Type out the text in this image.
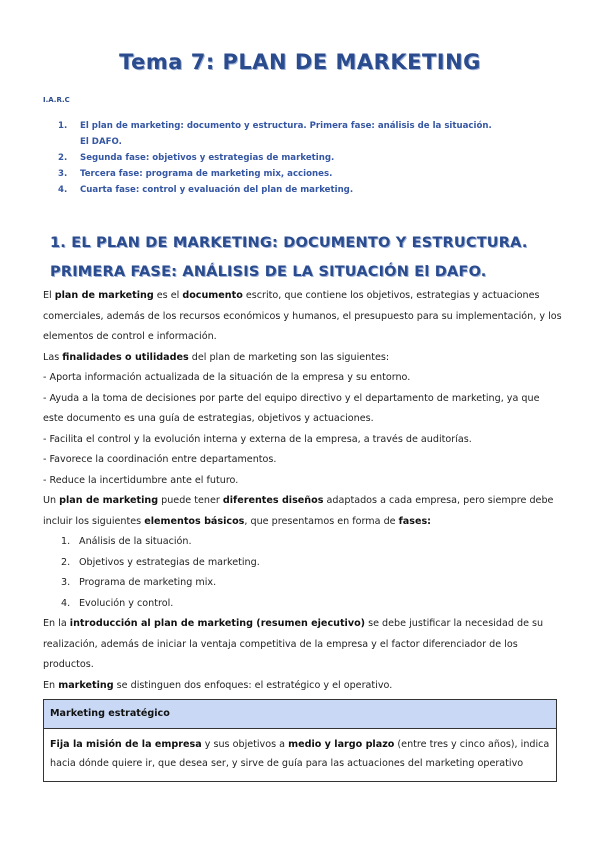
Tema 7: PLAN DE MARKETING
I.A.R.C
1.	El plan de marketing: documento y estructura. Primera fase: análisis de la situación.
El DAFO.
2.	Segunda fase: objetivos y estrategias de marketing.
3.	Tercera fase: programa de marketing mix, acciones.
4.	Cuarta fase: control y evaluación del plan de marketing.
1. EL PLAN DE MARKETING: DOCUMENTO Y ESTRUCTURA.
PRIMERA FASE: ANÁLISIS DE LA SITUACIÓN El DAFO.

El plan de marketing es el documento escrito, que contiene los objetivos, estrategias y actuaciones comerciales, además de los recursos económicos y humanos, el presupuesto para su implementación, y los elementos de control e información.

Las finalidades o utilidades del plan de marketing son las siguientes:

- Aporta información actualizada de la situación de la empresa y su entorno.

- Ayuda a la toma de decisiones por parte del equipo directivo y el departamento de marketing, ya que este documento es una guía de estrategias, objetivos y actuaciones.

- Facilita el control y la evolución interna y externa de la empresa, a través de auditorías.

- Favorece la coordinación entre departamentos.

- Reduce la incertidumbre ante el futuro.

Un plan de marketing puede tener diferentes diseños adaptados a cada empresa, pero siempre debe incluir los siguientes elementos básicos, que presentamos en forma de fases:

1. Análisis de la situación.
2. Objetivos y estrategias de marketing.
3. Programa de marketing mix.
4. Evolución y control.

En la introducción al plan de marketing (resumen ejecutivo) se debe justificar la necesidad de su realización, además de iniciar la ventaja competitiva de la empresa y el factor diferenciador de los productos.

En marketing se distinguen dos enfoques: el estratégico y el operativo.

Marketing estratégico
Fija la misión de la empresa y sus objetivos a medio y largo plazo (entre tres y cinco años), indica hacia dónde quiere ir, que desea ser, y sirve de guía para las actuaciones del marketing operativo
